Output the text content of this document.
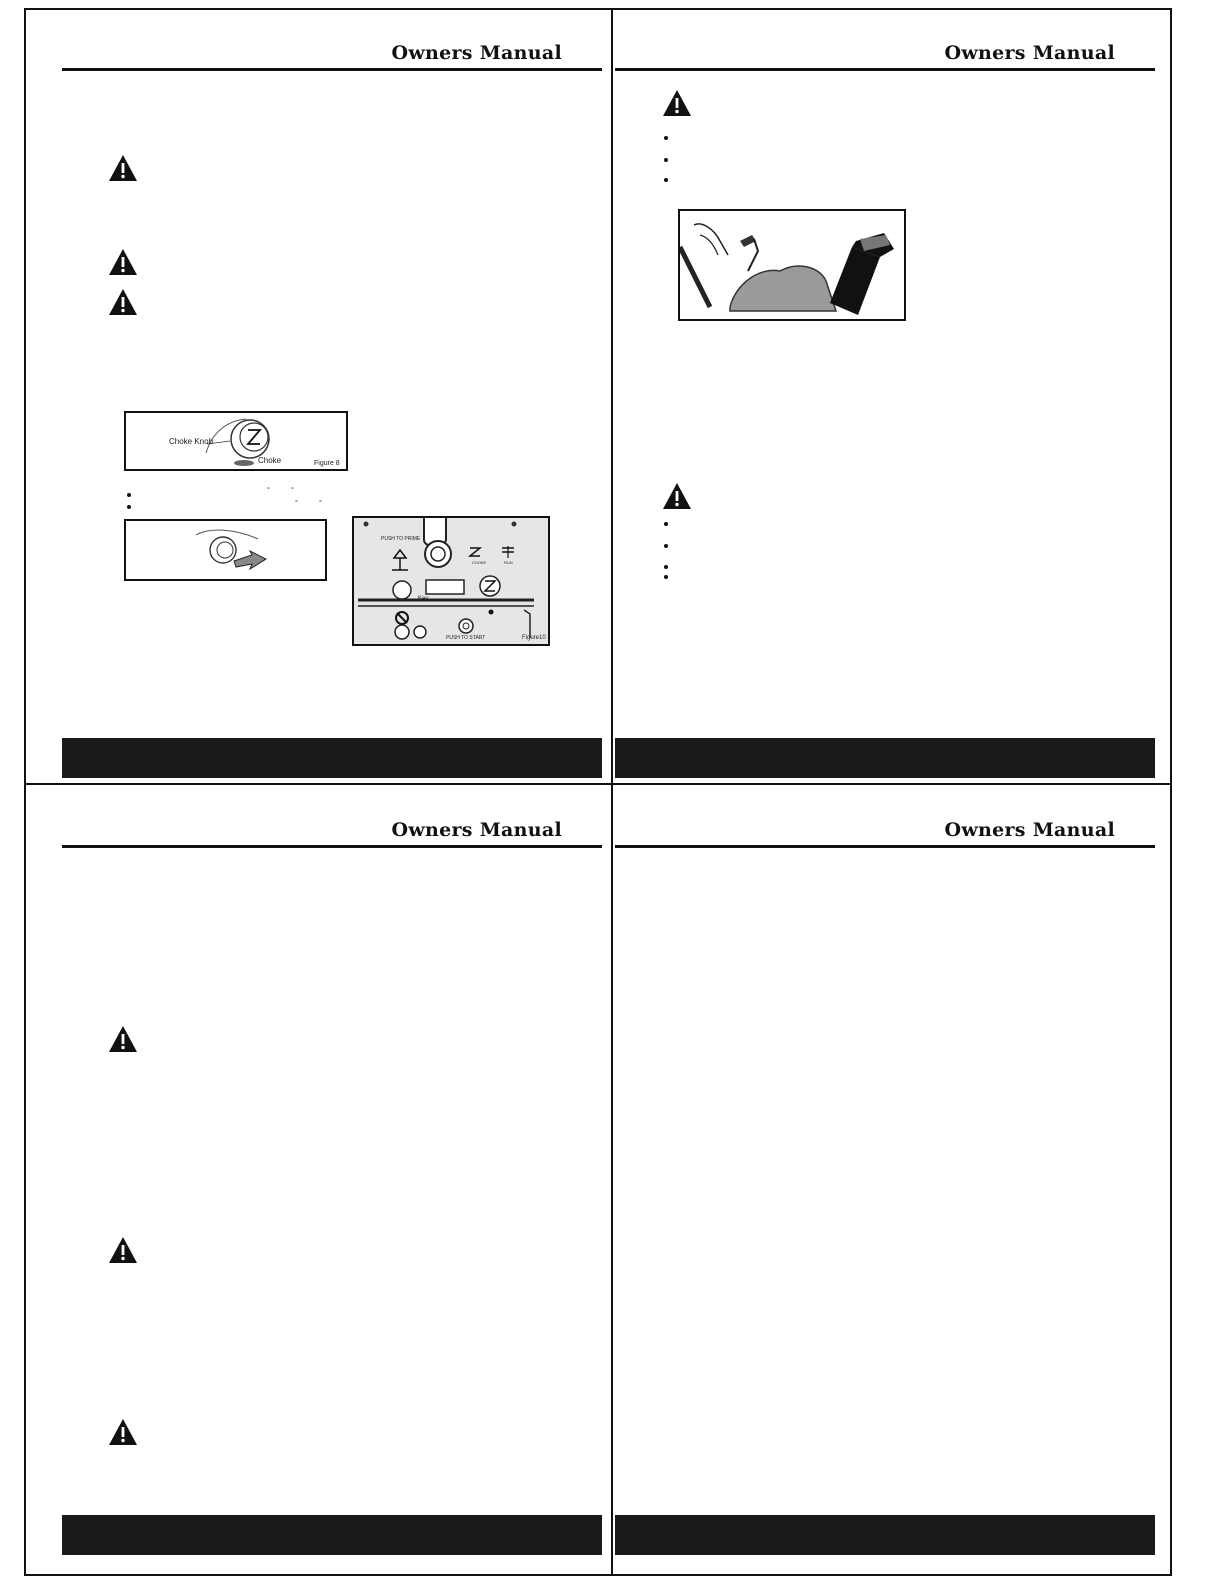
Owners Manual
Choke Knob
Choke	Figure 8
°	°
°	°
PUSH TO PRIME
CHOKE	RUN
Key
PUSH TO START	Figure10
Owners Manual
Owners Manual	Owners Manual
